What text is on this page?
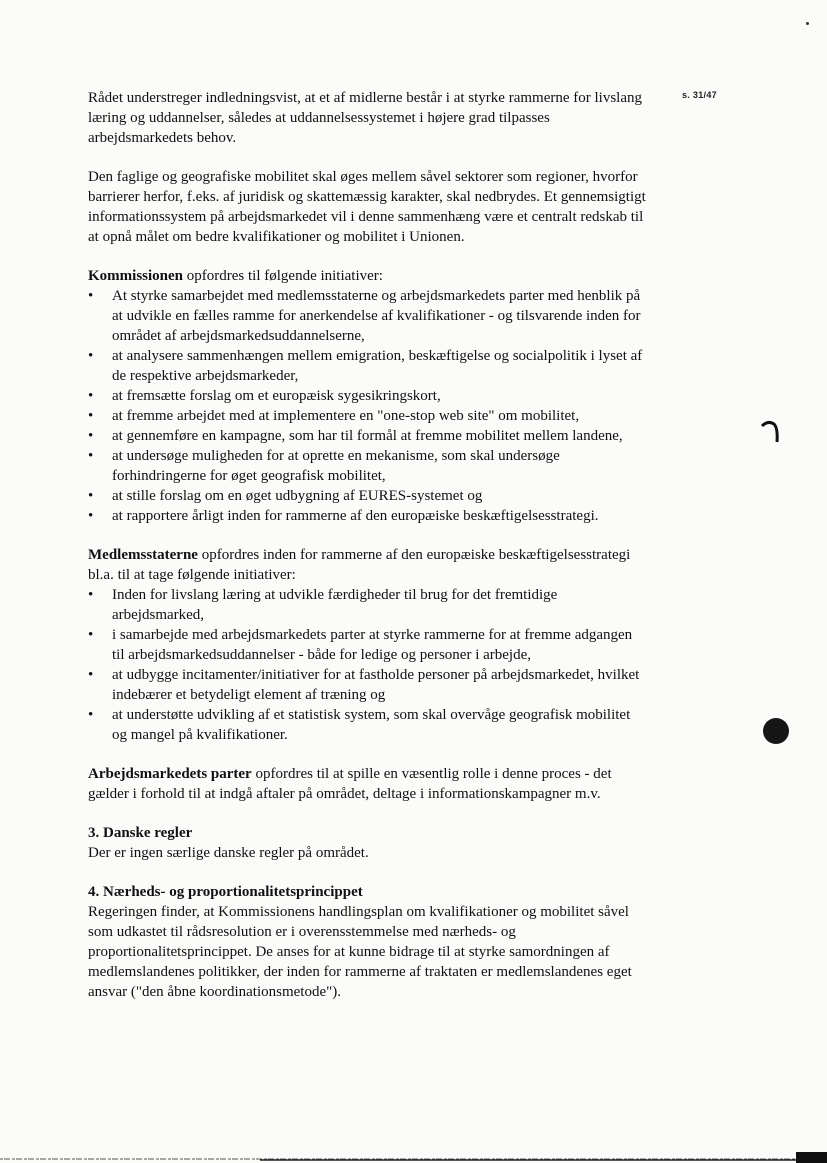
s. 31/47

Rådet understreger indledningsvist, at et af midlerne består i at styrke rammerne for livslang læring og uddannelser, således at uddannelsessystemet i højere grad tilpasses arbejdsmarkedets behov.

Den faglige og geografiske mobilitet skal øges mellem såvel sektorer som regioner, hvorfor barrierer herfor, f.eks. af juridisk og skattemæssig karakter, skal nedbrydes. Et gennemsigtigt informationssystem på arbejdsmarkedet vil i denne sammenhæng være et centralt redskab til at opnå målet om bedre kvalifikationer og mobilitet i Unionen.

Kommissionen opfordres til følgende initiativer:

• At styrke samarbejdet med medlemsstaterne og arbejdsmarkedets parter med henblik på at udvikle en fælles ramme for anerkendelse af kvalifikationer - og tilsvarende inden for området af arbejdsmarkedsuddannelserne,
• at analysere sammenhængen mellem emigration, beskæftigelse og socialpolitik i lyset af de respektive arbejdsmarkeder,
• at fremsætte forslag om et europæisk sygesikringskort,
• at fremme arbejdet med at implementere en "one-stop web site" om mobilitet,
• at gennemføre en kampagne, som har til formål at fremme mobilitet mellem landene,
• at undersøge muligheden for at oprette en mekanisme, som skal undersøge forhindringerne for øget geografisk mobilitet,
• at stille forslag om en øget udbygning af EURES-systemet og
• at rapportere årligt inden for rammerne af den europæiske beskæftigelsesstrategi.

Medlemsstaterne opfordres inden for rammerne af den europæiske beskæftigelsesstrategi bl.a. til at tage følgende initiativer:

• Inden for livslang læring at udvikle færdigheder til brug for det fremtidige arbejdsmarked,
• i samarbejde med arbejdsmarkedets parter at styrke rammerne for at fremme adgangen til arbejdsmarkedsuddannelser - både for ledige og personer i arbejde,
• at udbygge incitamenter/initiativer for at fastholde personer på arbejdsmarkedet, hvilket indebærer et betydeligt element af træning og
• at understøtte udvikling af et statistisk system, som skal overvåge geografisk mobilitet og mangel på kvalifikationer.

Arbejdsmarkedets parter opfordres til at spille en væsentlig rolle i denne proces - det gælder i forhold til at indgå aftaler på området, deltage i informationskampagner m.v.

3. Danske regler

Der er ingen særlige danske regler på området.

4. Nærheds- og proportionalitetsprincippet

Regeringen finder, at Kommissionens handlingsplan om kvalifikationer og mobilitet såvel som udkastet til rådsresolution er i overensstemmelse med nærheds- og proportionalitetsprincippet. De anses for at kunne bidrage til at styrke samordningen af medlemslandenes politikker, der inden for rammerne af traktaten er medlemslandenes eget ansvar ("den åbne koordinationsmetode").
